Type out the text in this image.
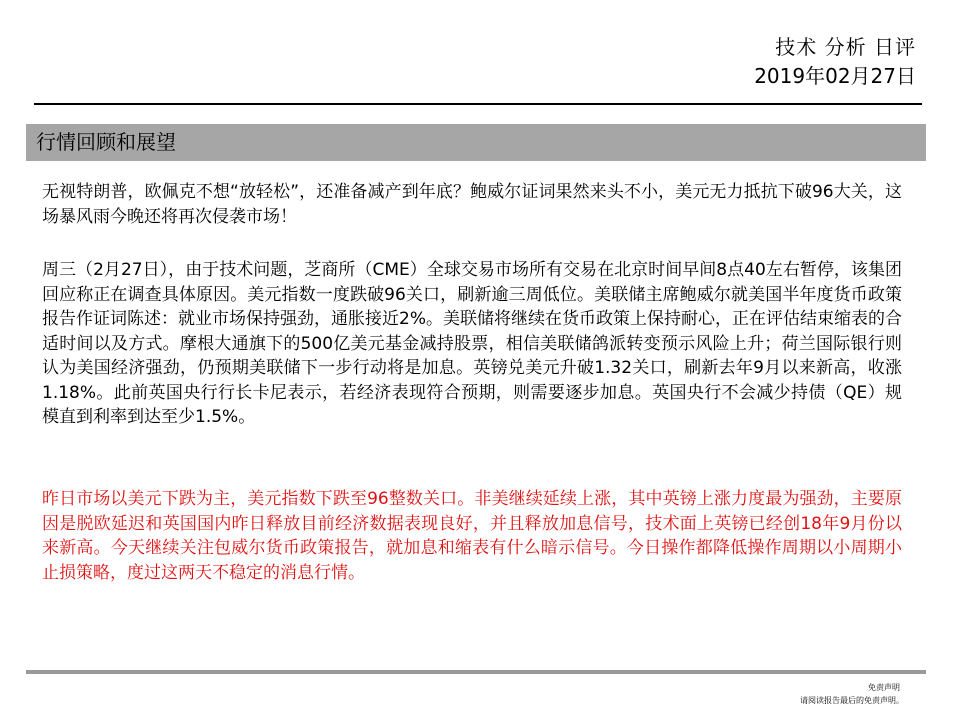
技术 分析 日评
2019年02月27日
行情回顾和展望
无视特朗普，欧佩克不想“放轻松”，还准备减产到年底？鲍威尔证词果然来头不小，美元无力抵抗下破96大关，这场暴风雨今晚还将再次侵袭市场！
周三（2月27日），由于技术问题，芝商所（CME）全球交易市场所有交易在北京时间早间8点40左右暂停，该集团回应称正在调查具体原因。美元指数一度跌破96关口，刷新逾三周低位。美联储主席鲍威尔就美国半年度货币政策报告作证词陈述：就业市场保持强劲，通胀接近2%。美联储将继续在货币政策上保持耐心，正在评估结束缩表的合适时间以及方式。摩根大通旗下的500亿美元基金减持股票，相信美联储鸽派转变预示风险上升；荷兰国际银行则认为美国经济强劲，仍预期美联储下一步行动将是加息。英镑兑美元升破1.32关口，刷新去年9月以来新高，收涨1.18%。此前英国央行行长卡尼表示，若经济表现符合预期，则需要逐步加息。英国央行不会减少持债（QE）规模直到利率到达至少1.5%。
昨日市场以美元下跌为主，美元指数下跌至96整数关口。非美继续延续上涨，其中英镑上涨力度最为强劲，主要原因是脱欧延迟和英国国内昨日释放目前经济数据表现良好，并且释放加息信号，技术面上英镑已经创18年9月份以来新高。今天继续关注包威尔货币政策报告，就加息和缩表有什么暗示信号。今日操作都降低操作周期以小周期小止损策略，度过这两天不稳定的消息行情。
免责声明
请阅读报告最后的免责声明。
